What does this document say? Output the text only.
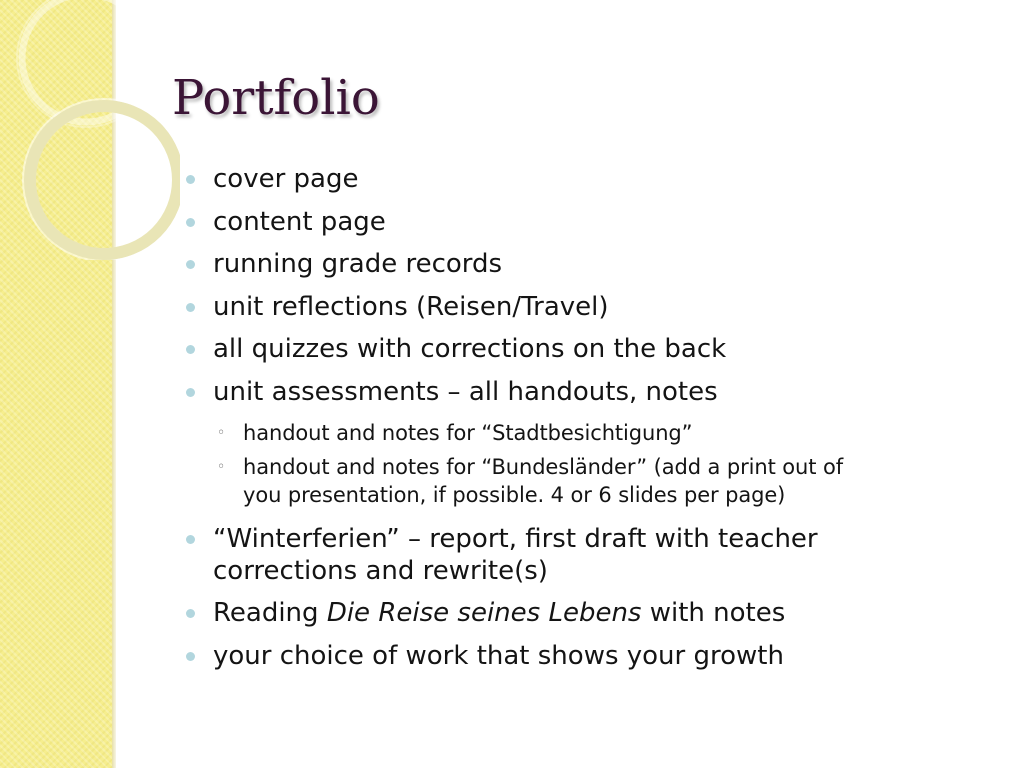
Portfolio
cover page
content page
running grade records
unit reflections (Reisen/Travel)
all quizzes with corrections on the back
unit assessments – all handouts, notes
◦ handout and notes for “Stadtbesichtigung”
◦ handout and notes for “Bundesländer” (add a print out of
you presentation, if possible. 4 or 6 slides per page)
“Winterferien” – report, first draft with teacher
corrections and rewrite(s)
Reading Die Reise seines Lebens with notes
your choice of work that shows your growth
